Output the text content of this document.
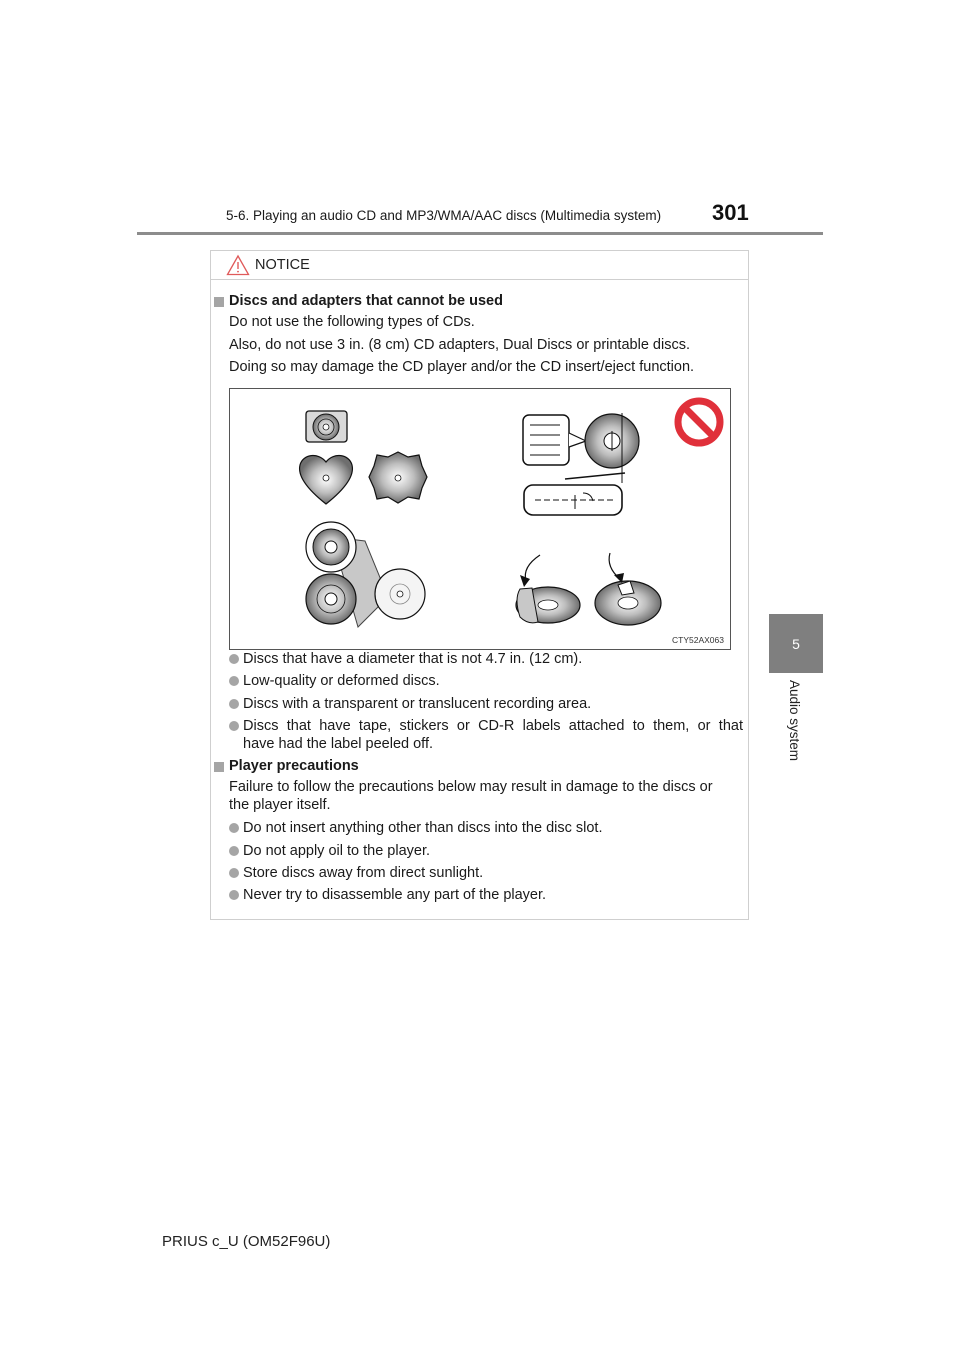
5-6. Playing an audio CD and MP3/WMA/AAC discs (Multimedia system) 301
5
Audio system
NOTICE
Discs and adapters that cannot be used
Do not use the following types of CDs.
Also, do not use 3 in. (8 cm) CD adapters, Dual Discs or printable discs.
Doing so may damage the CD player and/or the CD insert/eject function.
CTY52AX063
Discs that have a diameter that is not 4.7 in. (12 cm).
Low-quality or deformed discs.
Discs with a transparent or translucent recording area.
Discs that have tape, stickers or CD-R labels attached to them, or that
have had the label peeled off.
Player precautions
Failure to follow the precautions below may result in damage to the discs or
the player itself.
Do not insert anything other than discs into the disc slot.
Do not apply oil to the player.
Store discs away from direct sunlight.
Never try to disassemble any part of the player.
PRIUS c_U (OM52F96U)
